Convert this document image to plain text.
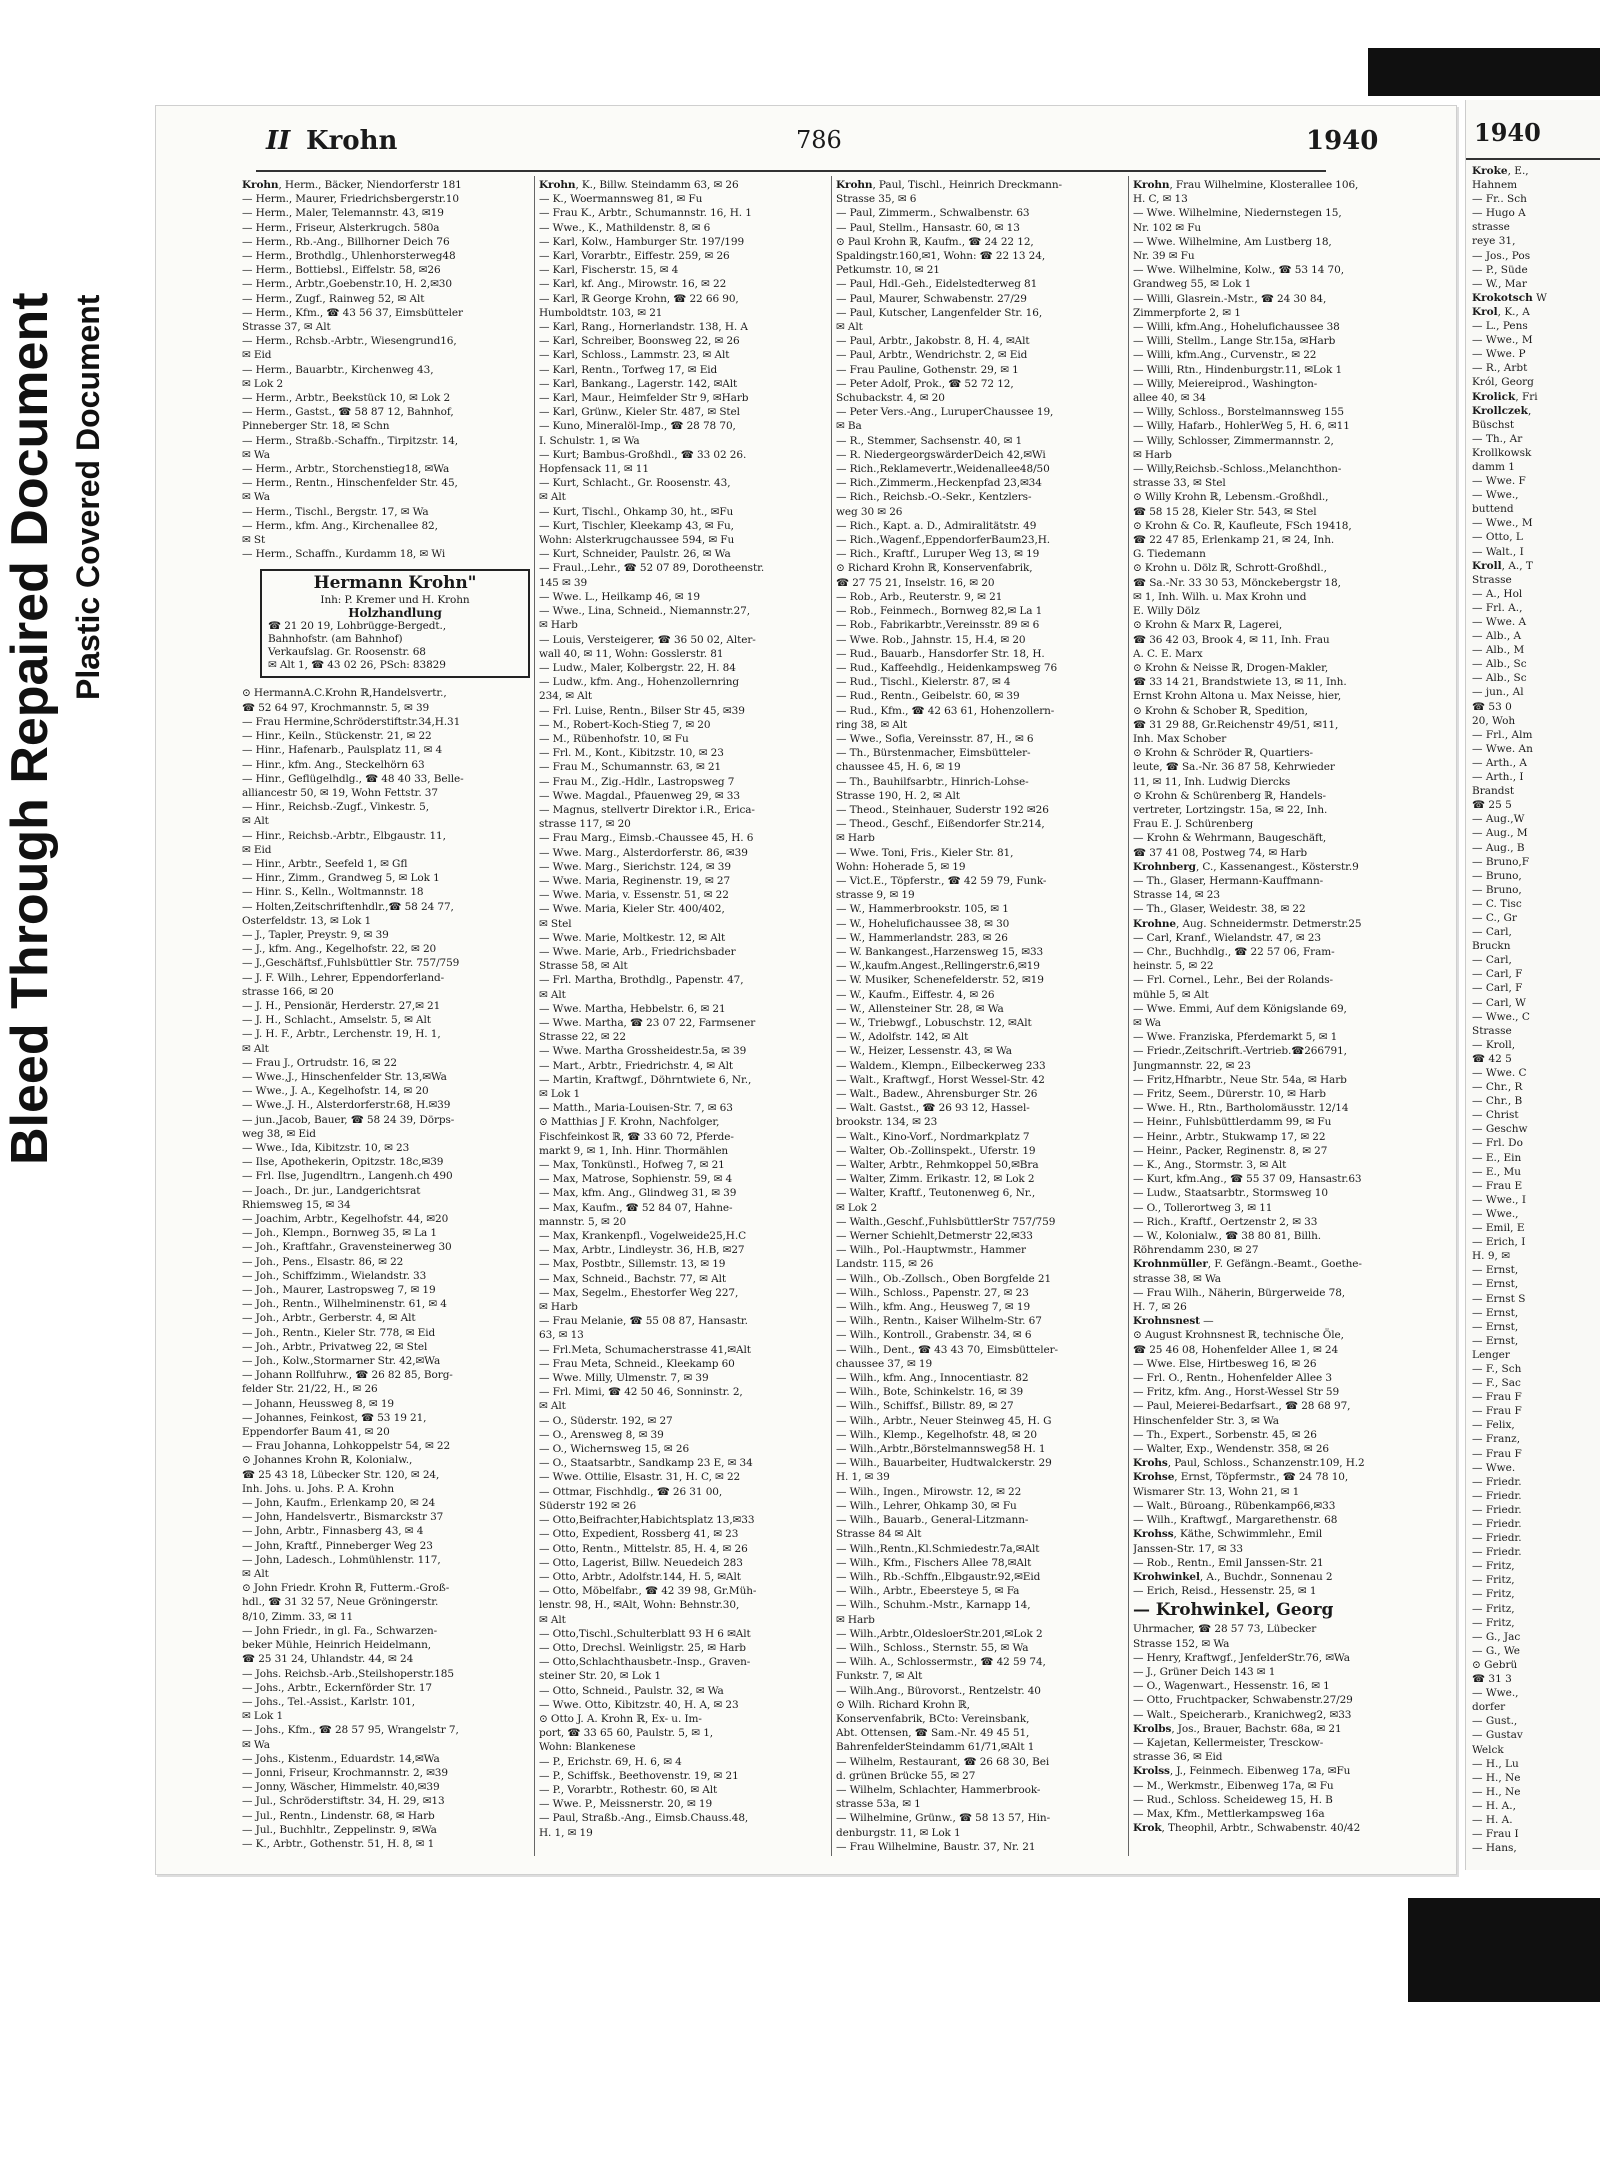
Bleed Through Repaired Document Plastic Covered Document
II Krohn	786	1940
Krohn, Herm., Bäcker, Niendorferstr 181
— Herm., Maurer, Friedrichsbergerstr.10
— Herm., Maler, Telemannstr. 43, ✉19
— Herm., Friseur, Alsterkrugch. 580a
— Herm., Rb.-Ang., Billhorner Deich 76
— Herm., Brothdlg., Uhlenhorsterweg48
— Herm., Bottiebsl., Eiffelstr. 58, ✉26
— Herm., Arbtr.,Goebenstr.10, H. 2,✉30
— Herm., Zugf., Rainweg 52, ✉ Alt
— Herm., Kfm., ☎ 43 56 37, Eimsbütteler
Strasse 37, ✉ Alt
— Herm., Rchsb.-Arbtr., Wiesengrund16,
✉ Eid
— Herm., Bauarbtr., Kirchenweg 43,
✉ Lok 2
— Herm., Arbtr., Beekstück 10, ✉ Lok 2
— Herm., Gastst., ☎ 58 87 12, Bahnhof,
Pinneberger Str. 18, ✉ Schn
— Herm., Straßb.-Schaffn., Tirpitzstr. 14,
✉ Wa
— Herm., Arbtr., Storchenstieg18, ✉Wa
— Herm., Rentn., Hinschenfelder Str. 45,
✉ Wa
— Herm., Tischl., Bergstr. 17, ✉ Wa
— Herm., kfm. Ang., Kirchenallee 82,
✉ St
— Herm., Schaffn., Kurdamm 18, ✉ Wi
Hermann Krohn"
Inh: P. Kremer und H. Krohn
Holzhandlung
☎ 21 20 19, Lohbrügge-Bergedt.,
Bahnhofstr. (am Bahnhof)
Verkaufslag. Gr. Roosenstr. 68
✉ Alt 1, ☎ 43 02 26, PSch: 83829
⊙ HermannA.C.Krohn ℝ,Handelsvertr.,
☎ 52 64 97, Krochmannstr. 5, ✉ 39
— Frau Hermine,Schröderstiftstr.34,H.31
— Hinr., Keiln., Stückenstr. 21, ✉ 22
— Hinr., Hafenarb., Paulsplatz 11, ✉ 4
— Hinr., kfm. Ang., Steckelhörn 63
— Hinr., Geflügelhdlg., ☎ 48 40 33, Belle-
alliancestr 50, ✉ 19, Wohn Fettstr. 37
— Hinr., Reichsb.-Zugf., Vinkestr. 5,
✉ Alt
— Hinr., Reichsb.-Arbtr., Elbgaustr. 11,
✉ Eid
— Hinr., Arbtr., Seefeld 1, ✉ Gfl
— Hinr., Zimm., Grandweg 5, ✉ Lok 1
— Hinr. S., Kelln., Woltmannstr. 18
— Holten,Zeitschriftenhdlr.,☎ 58 24 77,
Osterfeldstr. 13, ✉ Lok 1
— J., Tapler, Preystr. 9, ✉ 39
— J., kfm. Ang., Kegelhofstr. 22, ✉ 20
— J.,Geschäftsf.,Fuhlsbüttler Str. 757/759
— J. F. Wilh., Lehrer, Eppendorferland-
strasse 166, ✉ 20
— J. H., Pensionär, Herderstr. 27,✉ 21
— J. H., Schlacht., Amselstr. 5, ✉ Alt
— J. H. F., Arbtr., Lerchenstr. 19, H. 1,
✉ Alt
— Frau J., Ortrudstr. 16, ✉ 22
— Wwe.,J., Hinschenfelder Str. 13,✉Wa
— Wwe., J. A., Kegelhofstr. 14, ✉ 20
— Wwe.,J. H., Alsterdorferstr.68, H.✉39
— jun.,Jacob, Bauer, ☎ 58 24 39, Dörps-
weg 38, ✉ Eid
— Wwe., Ida, Kibitzstr. 10, ✉ 23
— Ilse, Apothekerin, Opitzstr. 18c,✉39
— Frl. Ilse, Jugendltrn., Langenh.ch 490
— Joach., Dr. jur., Landgerichtsrat
Rhiemsweg 15, ✉ 34
— Joachim, Arbtr., Kegelhofstr. 44, ✉20
— Joh., Klempn., Bornweg 35, ✉ La 1
— Joh., Kraftfahr., Gravensteinerweg 30
— Joh., Pens., Elsastr. 86, ✉ 22
— Joh., Schiffzimm., Wielandstr. 33
— Joh., Maurer, Lastropsweg 7, ✉ 19
— Joh., Rentn., Wilhelminenstr. 61, ✉ 4
— Joh., Arbtr., Gerberstr. 4, ✉ Alt
— Joh., Rentn., Kieler Str. 778, ✉ Eid
— Joh., Arbtr., Privatweg 22, ✉ Stel
— Joh., Kolw.,Stormarner Str. 42,✉Wa
— Johann Rollfuhrw., ☎ 26 82 85, Borg-
felder Str. 21/22, H., ✉ 26
— Johann, Heussweg 8, ✉ 19
— Johannes, Feinkost, ☎ 53 19 21,
Eppendorfer Baum 41, ✉ 20
— Frau Johanna, Lohkoppelstr 54, ✉ 22
⊙ Johannes Krohn ℝ, Kolonialw.,
☎ 25 43 18, Lübecker Str. 120, ✉ 24,
Inh. Johs. u. Johs. P. A. Krohn
— John, Kaufm., Erlenkamp 20, ✉ 24
— John, Handelsvertr., Bismarckstr 37
— John, Arbtr., Finnasberg 43, ✉ 4
— John, Kraftf., Pinneberger Weg 23
— John, Ladesch., Lohmühlenstr. 117,
✉ Alt
⊙ John Friedr. Krohn ℝ, Futterm.-Groß-
hdl., ☎ 31 32 57, Neue Gröningerstr.
8/10, Zimm. 33, ✉ 11
— John Friedr., in gl. Fa., Schwarzen-
beker Mühle, Heinrich Heidelmann,
☎ 25 31 24, Uhlandstr. 44, ✉ 24
— Johs. Reichsb.-Arb.,Steilshoperstr.185
— Johs., Arbtr., Eckernförder Str. 17
— Johs., Tel.-Assist., Karlstr. 101,
✉ Lok 1
— Johs., Kfm., ☎ 28 57 95, Wrangelstr 7,
✉ Wa
— Johs., Kistenm., Eduardstr. 14,✉Wa
— Jonni, Friseur, Krochmannstr. 2, ✉39
— Jonny, Wäscher, Himmelstr. 40,✉39
— Jul., Schröderstiftstr. 34, H. 29, ✉13
— Jul., Rentn., Lindenstr. 68, ✉ Harb
— Jul., Buchhltr., Zeppelinstr. 9, ✉Wa
— K., Arbtr., Gothenstr. 51, H. 8, ✉ 1
Krohn, K., Billw. Steindamm 63, ✉ 26
— K., Woermannsweg 81, ✉ Fu
— Frau K., Arbtr., Schumannstr. 16, H. 1
— Wwe., K., Mathildenstr. 8, ✉ 6
— Karl, Kolw., Hamburger Str. 197/199
— Karl, Vorarbtr., Eiffestr. 259, ✉ 26
— Karl, Fischerstr. 15, ✉ 4
— Karl, kf. Ang., Mirowstr. 16, ✉ 22
— Karl, ℝ George Krohn, ☎ 22 66 90,
Humboldtstr. 103, ✉ 21
— Karl, Rang., Hornerlandstr. 138, H. A
— Karl, Schreiber, Boonsweg 22, ✉ 26
— Karl, Schloss., Lammstr. 23, ✉ Alt
— Karl, Rentn., Torfweg 17, ✉ Eid
— Karl, Bankang., Lagerstr. 142, ✉Alt
— Karl, Maur., Heimfelder Str 9, ✉Harb
— Karl, Grünw., Kieler Str. 487, ✉ Stel
— Kuno, Mineralöl-Imp., ☎ 28 78 70,
I. Schulstr. 1, ✉ Wa
— Kurt; Bambus-Großhdl., ☎ 33 02 26.
Hopfensack 11, ✉ 11
— Kurt, Schlacht., Gr. Roosenstr. 43,
✉ Alt
— Kurt, Tischl., Ohkamp 30, ht., ✉Fu
— Kurt, Tischler, Kleekamp 43, ✉ Fu,
Wohn: Alsterkrugchaussee 594, ✉ Fu
— Kurt, Schneider, Paulstr. 26, ✉ Wa
— Fraul.,.Lehr., ☎ 52 07 89, Dorotheenstr.
145 ✉ 39
— Wwe. L., Heilkamp 46, ✉ 19
— Wwe., Lina, Schneid., Niemannstr.27,
✉ Harb
— Louis, Versteigerer, ☎ 36 50 02, Alter-
wall 40, ✉ 11, Wohn: Gosslerstr. 81
— Ludw., Maler, Kolbergstr. 22, H. 84
— Ludw., kfm. Ang., Hohenzollernring
234, ✉ Alt
— Frl. Luise, Rentn., Bilser Str 45, ✉39
— M., Robert-Koch-Stieg 7, ✉ 20
— M., Rübenhofstr. 10, ✉ Fu
— Frl. M., Kont., Kibitzstr. 10, ✉ 23
— Frau M., Schumannstr. 63, ✉ 21
— Frau M., Zig.-Hdlr., Lastropsweg 7
— Wwe. Magdal., Pfauenweg 29, ✉ 33
— Magnus, stellvertr Direktor i.R., Erica-
strasse 117, ✉ 20
— Frau Marg., Eimsb.-Chaussee 45, H. 6
— Wwe. Marg., Alsterdorferstr. 86, ✉39
— Wwe. Marg., Sierichstr. 124, ✉ 39
— Wwe. Maria, Reginenstr. 19, ✉ 27
— Wwe. Maria, v. Essenstr. 51, ✉ 22
— Wwe. Maria, Kieler Str. 400/402,
✉ Stel
— Wwe. Marie, Moltkestr. 12, ✉ Alt
— Wwe. Marie, Arb., Friedrichsbader
Strasse 58, ✉ Alt
— Frl. Martha, Brothdlg., Papenstr. 47,
✉ Alt
— Wwe. Martha, Hebbelstr. 6, ✉ 21
— Wwe. Martha, ☎ 23 07 22, Farmsener
Strasse 22, ✉ 22
— Wwe. Martha Grossheidestr.5a, ✉ 39
— Mart., Arbtr., Friedrichstr. 4, ✉ Alt
— Martin, Kraftwgf., Döhrntwiete 6, Nr.,
✉ Lok 1
— Matth., Maria-Louisen-Str. 7, ✉ 63
⊙ Matthias J F. Krohn, Nachfolger,
Fischfeinkost ℝ, ☎ 33 60 72, Pferde-
markt 9, ✉ 1, Inh. Hinr. Thormählen
— Max, Tonkünstl., Hofweg 7, ✉ 21
— Max, Matrose, Sophienstr. 59, ✉ 4
— Max, kfm. Ang., Glindweg 31, ✉ 39
— Max, Kaufm., ☎ 52 84 07, Hahne-
mannstr. 5, ✉ 20
— Max, Krankenpfl., Vogelweide25,H.C
— Max, Arbtr., Lindleystr. 36, H.B, ✉27
— Max, Postbtr., Sillemstr. 13, ✉ 19
— Max, Schneid., Bachstr. 77, ✉ Alt
— Max, Segelm., Ehestorfer Weg 227,
✉ Harb
— Frau Melanie, ☎ 55 08 87, Hansastr.
63, ✉ 13
— Frl.Meta, Schumacherstrasse 41,✉Alt
— Frau Meta, Schneid., Kleekamp 60
— Wwe. Milly, Ulmenstr. 7, ✉ 39
— Frl. Mimi, ☎ 42 50 46, Sonninstr. 2,
✉ Alt
— O., Süderstr. 192, ✉ 27
— O., Arensweg 8, ✉ 39
— O., Wichernsweg 15, ✉ 26
— O., Staatsarbtr., Sandkamp 23 E, ✉ 34
— Wwe. Ottilie, Elsastr. 31, H. C, ✉ 22
— Ottmar, Fischhdlg., ☎ 26 31 00,
Süderstr 192 ✉ 26
— Otto,Beifrachter,Habichtsplatz 13,✉33
— Otto, Expedient, Rossberg 41, ✉ 23
— Otto, Rentn., Mittelstr. 85, H. 4, ✉ 26
— Otto, Lagerist, Billw. Neuedeich 283
— Otto, Arbtr., Adolfstr.144, H. 5, ✉Alt
— Otto, Möbelfabr., ☎ 42 39 98, Gr.Müh-
lenstr. 98, H., ✉Alt, Wohn: Behnstr.30,
✉ Alt
— Otto,Tischl.,Schulterblatt 93 H 6 ✉Alt
— Otto, Drechsl. Weinligstr. 25, ✉ Harb
— Otto,Schlachthausbetr.-Insp., Graven-
steiner Str. 20, ✉ Lok 1
— Otto, Schneid., Paulstr. 32, ✉ Wa
— Wwe. Otto, Kibitzstr. 40, H. A, ✉ 23
⊙ Otto J. A. Krohn ℝ, Ex- u. Im-
port, ☎ 33 65 60, Paulstr. 5, ✉ 1,
Wohn: Blankenese
— P., Erichstr. 69, H. 6, ✉ 4
— P., Schiffsk., Beethovenstr. 19, ✉ 21
— P., Vorarbtr., Rothestr. 60, ✉ Alt
— Wwe. P., Meissnerstr. 20, ✉ 19
— Paul, Straßb.-Ang., Eimsb.Chauss.48,
H. 1, ✉ 19
Krohn, Paul, Tischl., Heinrich Dreckmann-
Strasse 35, ✉ 6
— Paul, Zimmerm., Schwalbenstr. 63
— Paul, Stellm., Hansastr. 60, ✉ 13
⊙ Paul Krohn ℝ, Kaufm., ☎ 24 22 12,
Spaldingstr.160,✉1, Wohn: ☎ 22 13 24,
Petkumstr. 10, ✉ 21
— Paul, Hdl.-Geh., Eidelstedterweg 81
— Paul, Maurer, Schwabenstr. 27/29
— Paul, Kutscher, Langenfelder Str. 16,
✉ Alt
— Paul, Arbtr., Jakobstr. 8, H. 4, ✉Alt
— Paul, Arbtr., Wendrichstr. 2, ✉ Eid
— Frau Pauline, Gothenstr. 29, ✉ 1
— Peter Adolf, Prok., ☎ 52 72 12,
Schubackstr. 4, ✉ 20
— Peter Vers.-Ang., LuruperChaussee 19,
✉ Ba
— R., Stemmer, Sachsenstr. 40, ✉ 1
— R. NiedergeorgswärderDeich 42,✉Wi
— Rich.,Reklamevertr.,Weidenallee48/50
— Rich.,Zimmerm.,Heckenpfad 23,✉34
— Rich., Reichsb.-O.-Sekr., Kentzlers-
weg 30 ✉ 26
— Rich., Kapt. a. D., Admiralitätstr. 49
— Rich.,Wagenf.,EppendorferBaum23,H.
— Rich., Kraftf., Luruper Weg 13, ✉ 19
⊙ Richard Krohn ℝ, Konservenfabrik,
☎ 27 75 21, Inselstr. 16, ✉ 20
— Rob., Arb., Reuterstr. 9, ✉ 21
— Rob., Feinmech., Bornweg 82,✉ La 1
— Rob., Fabrikarbtr.,Vereinsstr. 89 ✉ 6
— Wwe. Rob., Jahnstr. 15, H.4, ✉ 20
— Rud., Bauarb., Hansdorfer Str. 18, H.
— Rud., Kaffeehdlg., Heidenkampsweg 76
— Rud., Tischl., Kielerstr. 87, ✉ 4
— Rud., Rentn., Geibelstr. 60, ✉ 39
— Rud., Kfm., ☎ 42 63 61, Hohenzollern-
ring 38, ✉ Alt
— Wwe., Sofia, Vereinsstr. 87, H., ✉ 6
— Th., Bürstenmacher, Eimsbütteler-
chaussee 45, H. 6, ✉ 19
— Th., Bauhilfsarbtr., Hinrich-Lohse-
Strasse 190, H. 2, ✉ Alt
— Theod., Steinhauer, Suderstr 192 ✉26
— Theod., Geschf., Eißendorfer Str.214,
✉ Harb
— Wwe. Toni, Fris., Kieler Str. 81,
Wohn: Hoherade 5, ✉ 19
— Vict.E., Töpferstr., ☎ 42 59 79, Funk-
strasse 9, ✉ 19
— W., Hammerbrookstr. 105, ✉ 1
— W., Hohelufichaussee 38, ✉ 30
— W., Hammerlandstr. 283, ✉ 26
— W. Bankangest.,Harzensweg 15, ✉33
— W.,kaufm.Angest.,Rellingerstr.6,✉19
— W. Musiker, Schenefelderstr. 52, ✉19
— W., Kaufm., Eiffestr. 4, ✉ 26
— W., Allensteiner Str. 28, ✉ Wa
— W., Triebwgf., Lobuschstr. 12, ✉Alt
— W., Adolfstr. 142, ✉ Alt
— W., Heizer, Lessenstr. 43, ✉ Wa
— Waldem., Klempn., Eilbeckerweg 233
— Walt., Kraftwgf., Horst Wessel-Str. 42
— Walt., Badew., Ahrensburger Str. 26
— Walt. Gastst., ☎ 26 93 12, Hassel-
brookstr. 134, ✉ 23
— Walt., Kino-Vorf., Nordmarkplatz 7
— Walter, Ob.-Zollinspekt., Uferstr. 19
— Walter, Arbtr., Rehmkoppel 50,✉Bra
— Walter, Zimm. Erikastr. 12, ✉ Lok 2
— Walter, Kraftf., Teutonenweg 6, Nr.,
✉ Lok 2
— Walth.,Geschf.,FuhlsbüttlerStr 757/759
— Werner Schiehlt,Detmerstr 22,✉33
— Wilh., Pol.-Hauptwmstr., Hammer
Landstr. 115, ✉ 26
— Wilh., Ob.-Zollsch., Oben Borgfelde 21
— Wilh., Schloss., Papenstr. 27, ✉ 23
— Wilh., kfm. Ang., Heusweg 7, ✉ 19
— Wilh., Rentn., Kaiser Wilhelm-Str. 67
— Wilh., Kontroll., Grabenstr. 34, ✉ 6
— Wilh., Dent., ☎ 43 43 70, Eimsbütteler-
chaussee 37, ✉ 19
— Wilh., kfm. Ang., Innocentiastr. 82
— Wilh., Bote, Schinkelstr. 16, ✉ 39
— Wilh., Schiffsf., Billstr. 89, ✉ 27
— Wilh., Arbtr., Neuer Steinweg 45, H. G
— Wilh., Klemp., Kegelhofstr. 48, ✉ 20
— Wilh.,Arbtr.,Börstelmannsweg58 H. 1
— Wilh., Bauarbeiter, Hudtwalckerstr. 29
H. 1, ✉ 39
— Wilh., Ingen., Mirowstr. 12, ✉ 22
— Wilh., Lehrer, Ohkamp 30, ✉ Fu
— Wilh., Bauarb., General-Litzmann-
Strasse 84 ✉ Alt
— Wilh.,Rentn.,Kl.Schmiedestr.7a,✉Alt
— Wilh., Kfm., Fischers Allee 78,✉Alt
— Wilh., Rb.-Schffn.,Elbgaustr.92,✉Eid
— Wilh., Arbtr., Ebeersteye 5, ✉ Fa
— Wilh., Schuhm.-Mstr., Karnapp 14,
✉ Harb
— Wilh.,Arbtr.,OldesloerStr.201,✉Lok 2
— Wilh., Schloss., Sternstr. 55, ✉ Wa
— Wilh. A., Schlossermstr., ☎ 42 59 74,
Funkstr. 7, ✉ Alt
— Wilh.Ang., Bürovorst., Rentzelstr. 40
⊙ Wilh. Richard Krohn ℝ,
Konservenfabrik, BCto: Vereinsbank,
Abt. Ottensen, ☎ Sam.-Nr. 49 45 51,
BahrenfelderSteindamm 61/71,✉Alt 1
— Wilhelm, Restaurant, ☎ 26 68 30, Bei
d. grünen Brücke 55, ✉ 27
— Wilhelm, Schlachter, Hammerbrook-
strasse 53a, ✉ 1
— Wilhelmine, Grünw., ☎ 58 13 57, Hin-
denburgstr. 11, ✉ Lok 1
— Frau Wilhelmine, Baustr. 37, Nr. 21
Krohn, Frau Wilhelmine, Klosterallee 106,
H. C, ✉ 13
— Wwe. Wilhelmine, Niedernstegen 15,
Nr. 102 ✉ Fu
— Wwe. Wilhelmine, Am Lustberg 18,
Nr. 39 ✉ Fu
— Wwe. Wilhelmine, Kolw., ☎ 53 14 70,
Grandweg 55, ✉ Lok 1
— Willi, Glasrein.-Mstr., ☎ 24 30 84,
Zimmerpforte 2, ✉ 1
— Willi, kfm.Ang., Hohelufichaussee 38
— Willi, Stellm., Lange Str.15a, ✉Harb
— Willi, kfm.Ang., Curvenstr., ✉ 22
— Willi, Rtn., Hindenburgstr.11, ✉Lok 1
— Willy, Meiereiprod., Washington-
allee 40, ✉ 34
— Willy, Schloss., Borstelmannsweg 155
— Willy, Hafarb., HohlerWeg 5, H. 6, ✉11
— Willy, Schlosser, Zimmermannstr. 2,
✉ Harb
— Willy,Reichsb.-Schloss.,Melanchthon-
strasse 33, ✉ Stel
⊙ Willy Krohn ℝ, Lebensm.-Großhdl.,
☎ 58 15 28, Kieler Str. 543, ✉ Stel
⊙ Krohn & Co. ℝ, Kaufleute, FSch 19418,
☎ 22 47 85, Erlenkamp 21, ✉ 24, Inh.
G. Tiedemann
⊙ Krohn u. Dölz ℝ, Schrott-Großhdl.,
☎ Sa.-Nr. 33 30 53, Mönckebergstr 18,
✉ 1, Inh. Wilh. u. Max Krohn und
E. Willy Dölz
⊙ Krohn & Marx ℝ, Lagerei,
☎ 36 42 03, Brook 4, ✉ 11, Inh. Frau
A. C. E. Marx
⊙ Krohn & Neisse ℝ, Drogen-Makler,
☎ 33 14 21, Brandstwiete 13, ✉ 11, Inh.
Ernst Krohn Altona u. Max Neisse, hier,
⊙ Krohn & Schober ℝ, Spedition,
☎ 31 29 88, Gr.Reichenstr 49/51, ✉11,
Inh. Max Schober
⊙ Krohn & Schröder ℝ, Quartiers-
leute, ☎ Sa.-Nr. 36 87 58, Kehrwieder
11, ✉ 11, Inh. Ludwig Diercks
⊙ Krohn & Schürenberg ℝ, Handels-
vertreter, Lortzingstr. 15a, ✉ 22, Inh.
Frau E. J. Schürenberg
— Krohn & Wehrmann, Baugeschäft,
☎ 37 41 08, Postweg 74, ✉ Harb
Krohnberg, C., Kassenangest., Kösterstr.9
— Th., Glaser, Hermann-Kauffmann-
Strasse 14, ✉ 23
— Th., Glaser, Weidestr. 38, ✉ 22
Krohne, Aug. Schneidermstr. Detmerstr.25
— Carl, Kranf., Wielandstr. 47, ✉ 23
— Chr., Buchhdlg., ☎ 22 57 06, Fram-
heinstr. 5, ✉ 22
— Frl. Cornel., Lehr., Bei der Rolands-
mühle 5, ✉ Alt
— Wwe. Emmi, Auf dem Königslande 69,
✉ Wa
— Wwe. Franziska, Pferdemarkt 5, ✉ 1
— Friedr.,Zeitschrift.-Vertrieb.☎266791,
Jungmannstr. 22, ✉ 23
— Fritz,Hfnarbtr., Neue Str. 54a, ✉ Harb
— Fritz, Seem., Dürerstr. 10, ✉ Harb
— Wwe. H., Rtn., Bartholomäusstr. 12/14
— Heinr., Fuhlsbüttlerdamm 99, ✉ Fu
— Heinr., Arbtr., Stukwamp 17, ✉ 22
— Heinr., Packer, Reginenstr. 8, ✉ 27
— K., Ang., Stormstr. 3, ✉ Alt
— Kurt, kfm.Ang., ☎ 55 37 09, Hansastr.63
— Ludw., Staatsarbtr., Stormsweg 10
— O., Tollerortweg 3, ✉ 11
— Rich., Kraftf., Oertzenstr 2, ✉ 33
— W., Kolonialw., ☎ 38 80 81, Billh.
Röhrendamm 230, ✉ 27
Krohnmüller, F. Gefängn.-Beamt., Goethe-
strasse 38, ✉ Wa
— Frau Wilh., Näherin, Bürgerweide 78,
H. 7, ✉ 26
Krohnsnest —
⊙ August Krohnsnest ℝ, technische Öle,
☎ 25 46 08, Hohenfelder Allee 1, ✉ 24
— Wwe. Else, Hirtbesweg 16, ✉ 26
— Frl. O., Rentn., Hohenfelder Allee 3
— Fritz, kfm. Ang., Horst-Wessel Str 59
— Paul, Meierei-Bedarfsart., ☎ 28 68 97,
Hinschenfelder Str. 3, ✉ Wa
— Th., Expert., Sorbenstr. 45, ✉ 26
— Walter, Exp., Wendenstr. 358, ✉ 26
Krohs, Paul, Schloss., Schanzenstr.109, H.2
Krohse, Ernst, Töpfermstr., ☎ 24 78 10,
Wismarer Str. 13, Wohn 21, ✉ 1
— Walt., Büroang., Rübenkamp66,✉33
— Wilh., Kraftwgf., Margarethenstr. 68
Krohss, Käthe, Schwimmlehr., Emil
Janssen-Str. 17, ✉ 33
— Rob., Rentn., Emil Janssen-Str. 21
Krohwinkel, A., Buchdr., Sonnenau 2
— Erich, Reisd., Hessenstr. 25, ✉ 1
— Krohwinkel, Georg
Uhrmacher, ☎ 28 57 73, Lübecker
Strasse 152, ✉ Wa
— Henry, Kraftwgf., JenfelderStr.76, ✉Wa
— J., Grüner Deich 143 ✉ 1
— O., Wagenwart., Hessenstr. 16, ✉ 1
— Otto, Fruchtpacker, Schwabenstr.27/29
— Walt., Speicherarb., Kranichweg2, ✉33
Krolbs, Jos., Brauer, Bachstr. 68a, ✉ 21
— Kajetan, Kellermeister, Tresckow-
strasse 36, ✉ Eid
Krolss, J., Feinmech. Eibenweg 17a, ✉Fu
— M., Werkmstr., Eibenweg 17a, ✉ Fu
— Rud., Schloss. Scheideweg 15, H. B
— Max, Kfm., Mettlerkampsweg 16a
Krok, Theophil, Arbtr., Schwabenstr. 40/42
1940
Kroke, E.,
Hahnem
— Fr.. Sch
— Hugo A
strasse
reye 31,
— Jos., Pos
— P., Süde
— W., Mar
Krokotsch W
Krol, K., A
— L., Pens
— Wwe., M
— Wwe. P
— R., Arbt
Król, Georg
Krolick, Fri
Krollczek,
Büschst
— Th., Ar
Krollkowsk
damm 1
— Wwe. F
— Wwe.,
buttend
— Wwe., M
— Otto, L
— Walt., I
Kroll, A., T
Strasse
— A., Hol
— Frl. A.,
— Wwe. A
— Alb., A
— Alb., M
— Alb., Sc
— Alb., Sc
— jun., Al
☎ 53 0
20, Woh
— Frl., Alm
— Wwe. An
— Arth., A
— Arth., I
Brandst
☎ 25 5
— Aug.,W
— Aug., M
— Aug., B
— Bruno,F
— Bruno,
— Bruno,
— C. Tisc
— C., Gr
— Carl,
Bruckn
— Carl,
— Carl, F
— Carl, F
— Carl, W
— Wwe., C
Strasse
— Kroll,
☎ 42 5
— Wwe. C
— Chr., R
— Chr., B
— Christ
— Geschw
— Frl. Do
— E., Ein
— E., Mu
— Frau E
— Wwe., I
— Wwe.,
— Emil, E
— Erich, I
H. 9, ✉
— Ernst,
— Ernst,
— Ernst S
— Ernst,
— Ernst,
— Ernst,
Lenger
— F., Sch
— F., Sac
— Frau F
— Frau F
— Felix,
— Franz,
— Frau F
— Wwe.
— Friedr.
— Friedr.
— Friedr.
— Friedr.
— Friedr.
— Friedr.
— Fritz,
— Fritz,
— Fritz,
— Fritz,
— Fritz,
— G., Jac
— G., We
⊙ Gebrü
☎ 31 3
— Wwe.,
dorfer
— Gust.,
— Gustav
Welck
— H., Lu
— H., Ne
— H., Ne
— H. A.,
— H. A.
— Frau I
— Hans,
